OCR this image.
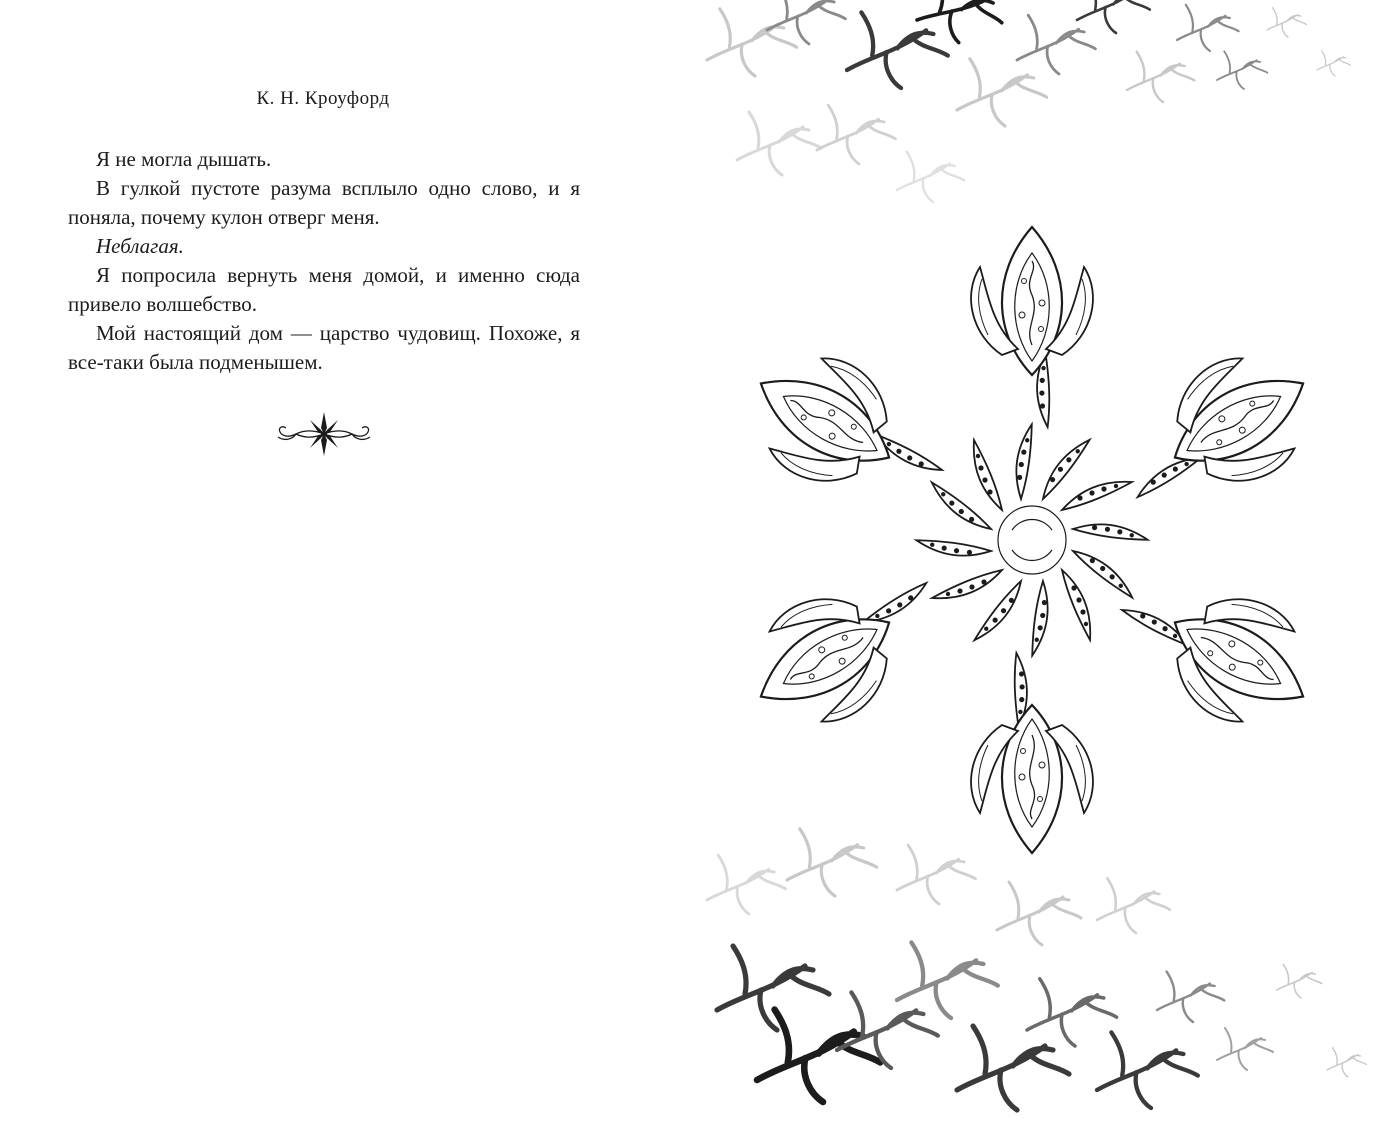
К. Н. Кроуфорд

Я не могла дышать.

В гулкой пустоте разума всплыло одно слово, и я поняла, почему кулон отверг меня.

Неблагая.

Я попросила вернуть меня домой, и именно сюда привело волшебство.

Мой настоящий дом — царство чудовищ. Похоже, я все-таки была подменышем.
